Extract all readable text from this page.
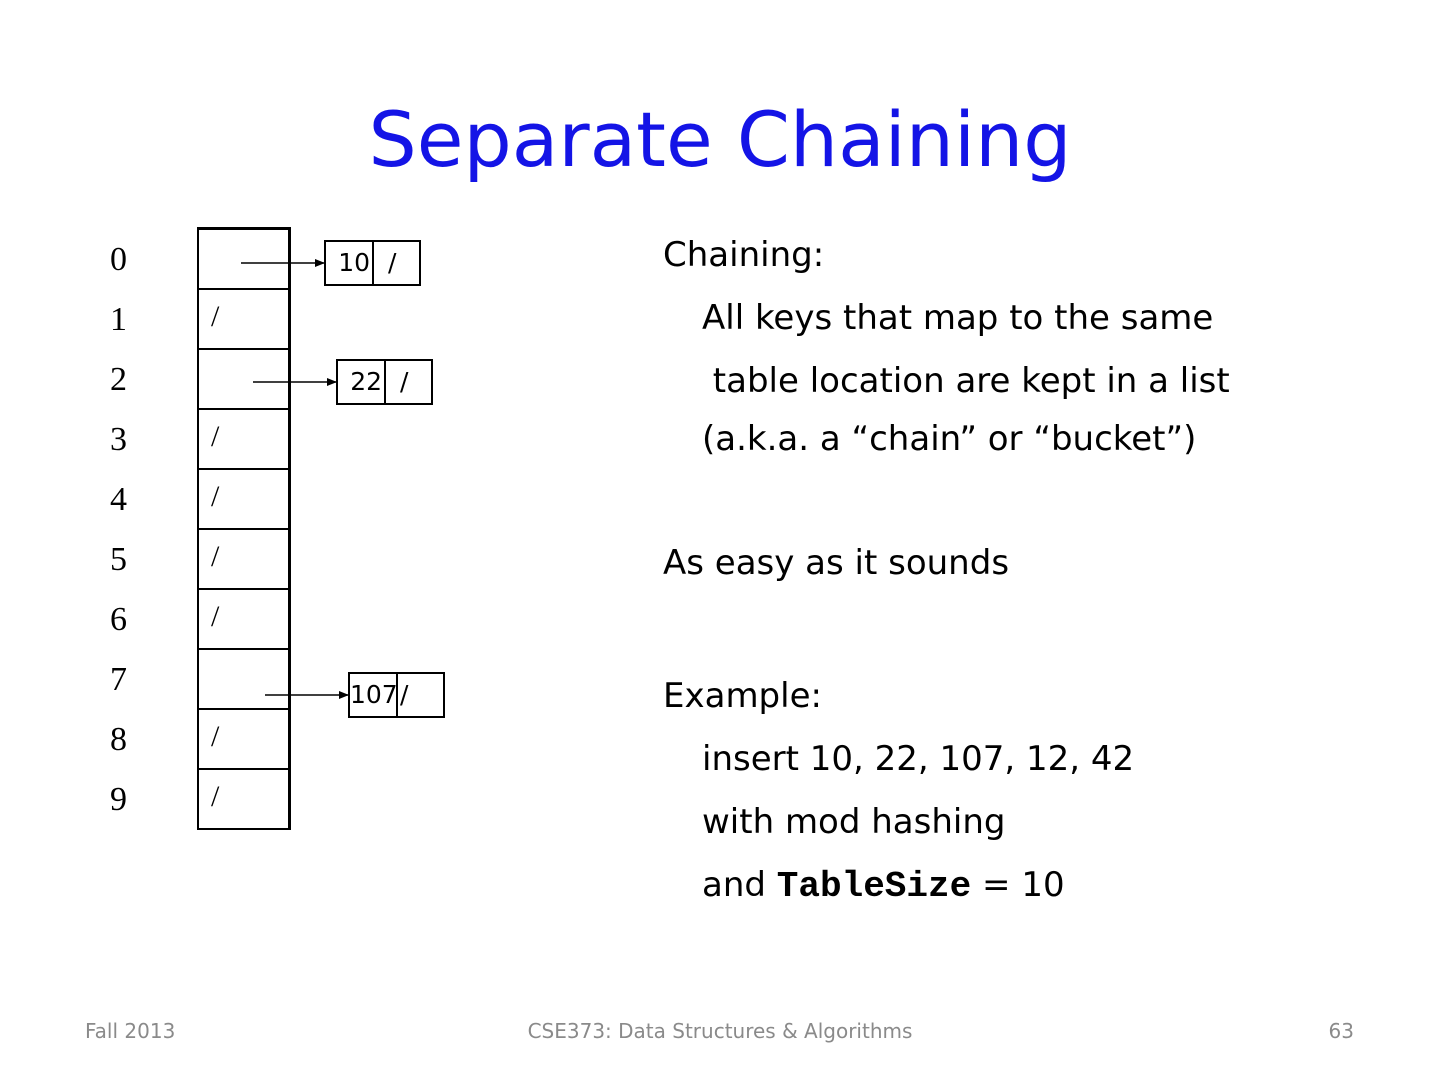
Separate Chaining
0
1
2
3
4
5
6
7
8
9
/
/
/
/
/
/
/
10 /
22 /
107 /
Chaining:
All keys that map to the same
table location are kept in a list
(a.k.a. a “chain” or “bucket”)
As easy as it sounds
Example:
insert 10, 22, 107, 12, 42
with mod hashing
and TableSize = 10
Fall 2013	CSE373: Data Structures & Algorithms	63
